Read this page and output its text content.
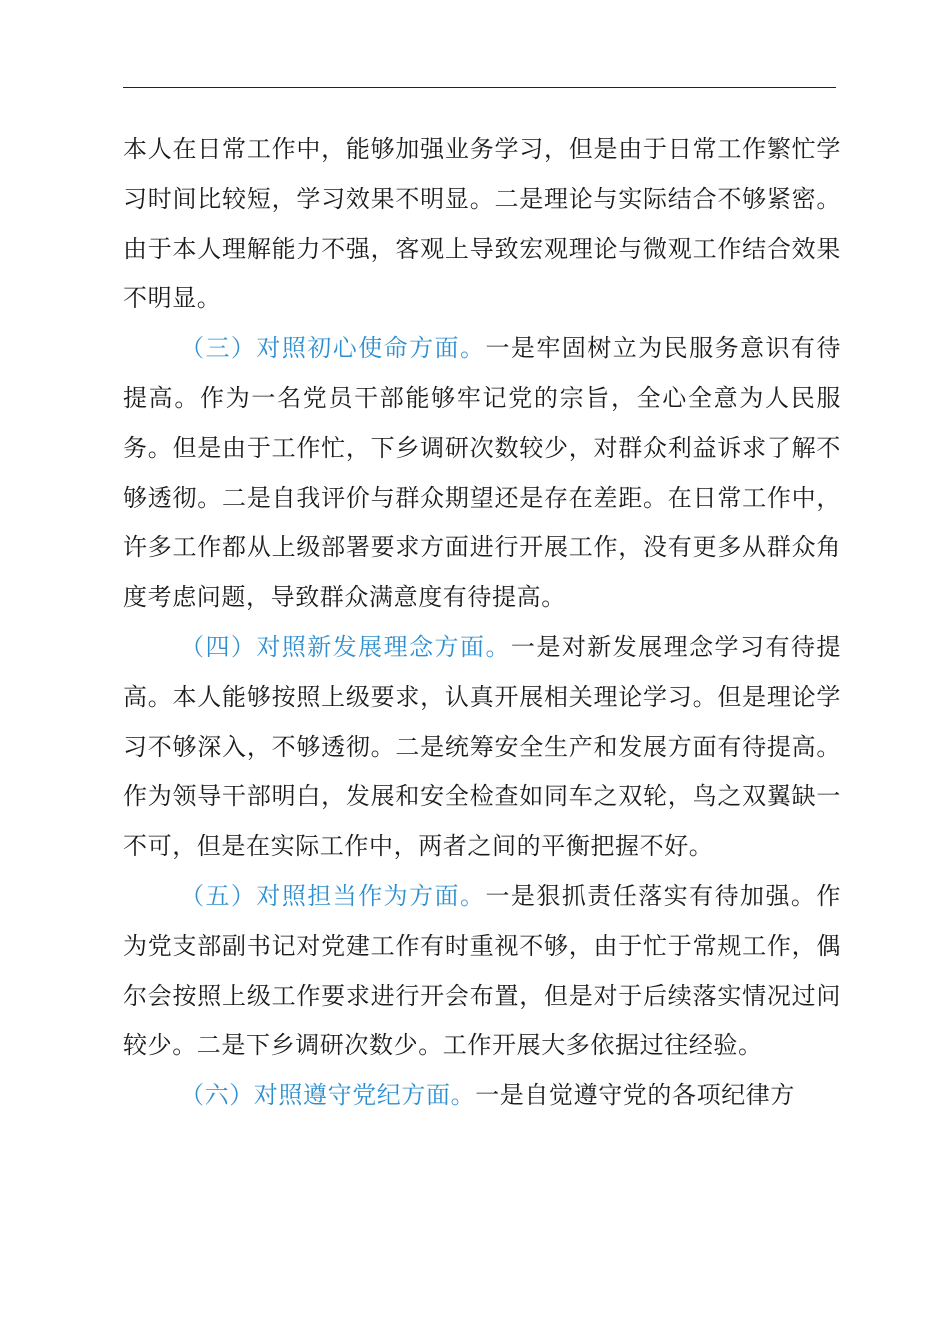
本人在日常工作中，能够加强业务学习，但是由于日常工作繁忙学习时间比较短，学习效果不明显。二是理论与实际结合不够紧密。由于本人理解能力不强，客观上导致宏观理论与微观工作结合效果不明显。

（三）对照初心使命方面。一是牢固树立为民服务意识有待提高。作为一名党员干部能够牢记党的宗旨，全心全意为人民服务。但是由于工作忙，下乡调研次数较少，对群众利益诉求了解不够透彻。二是自我评价与群众期望还是存在差距。在日常工作中，许多工作都从上级部署要求方面进行开展工作，没有更多从群众角度考虑问题，导致群众满意度有待提高。

（四）对照新发展理念方面。一是对新发展理念学习有待提高。本人能够按照上级要求，认真开展相关理论学习。但是理论学习不够深入，不够透彻。二是统筹安全生产和发展方面有待提高。作为领导干部明白，发展和安全检查如同车之双轮，鸟之双翼缺一不可，但是在实际工作中，两者之间的平衡把握不好。

（五）对照担当作为方面。一是狠抓责任落实有待加强。作为党支部副书记对党建工作有时重视不够，由于忙于常规工作，偶尔会按照上级工作要求进行开会布置，但是对于后续落实情况过问较少。二是下乡调研次数少。工作开展大多依据过往经验。

（六）对照遵守党纪方面。一是自觉遵守党的各项纪律方
